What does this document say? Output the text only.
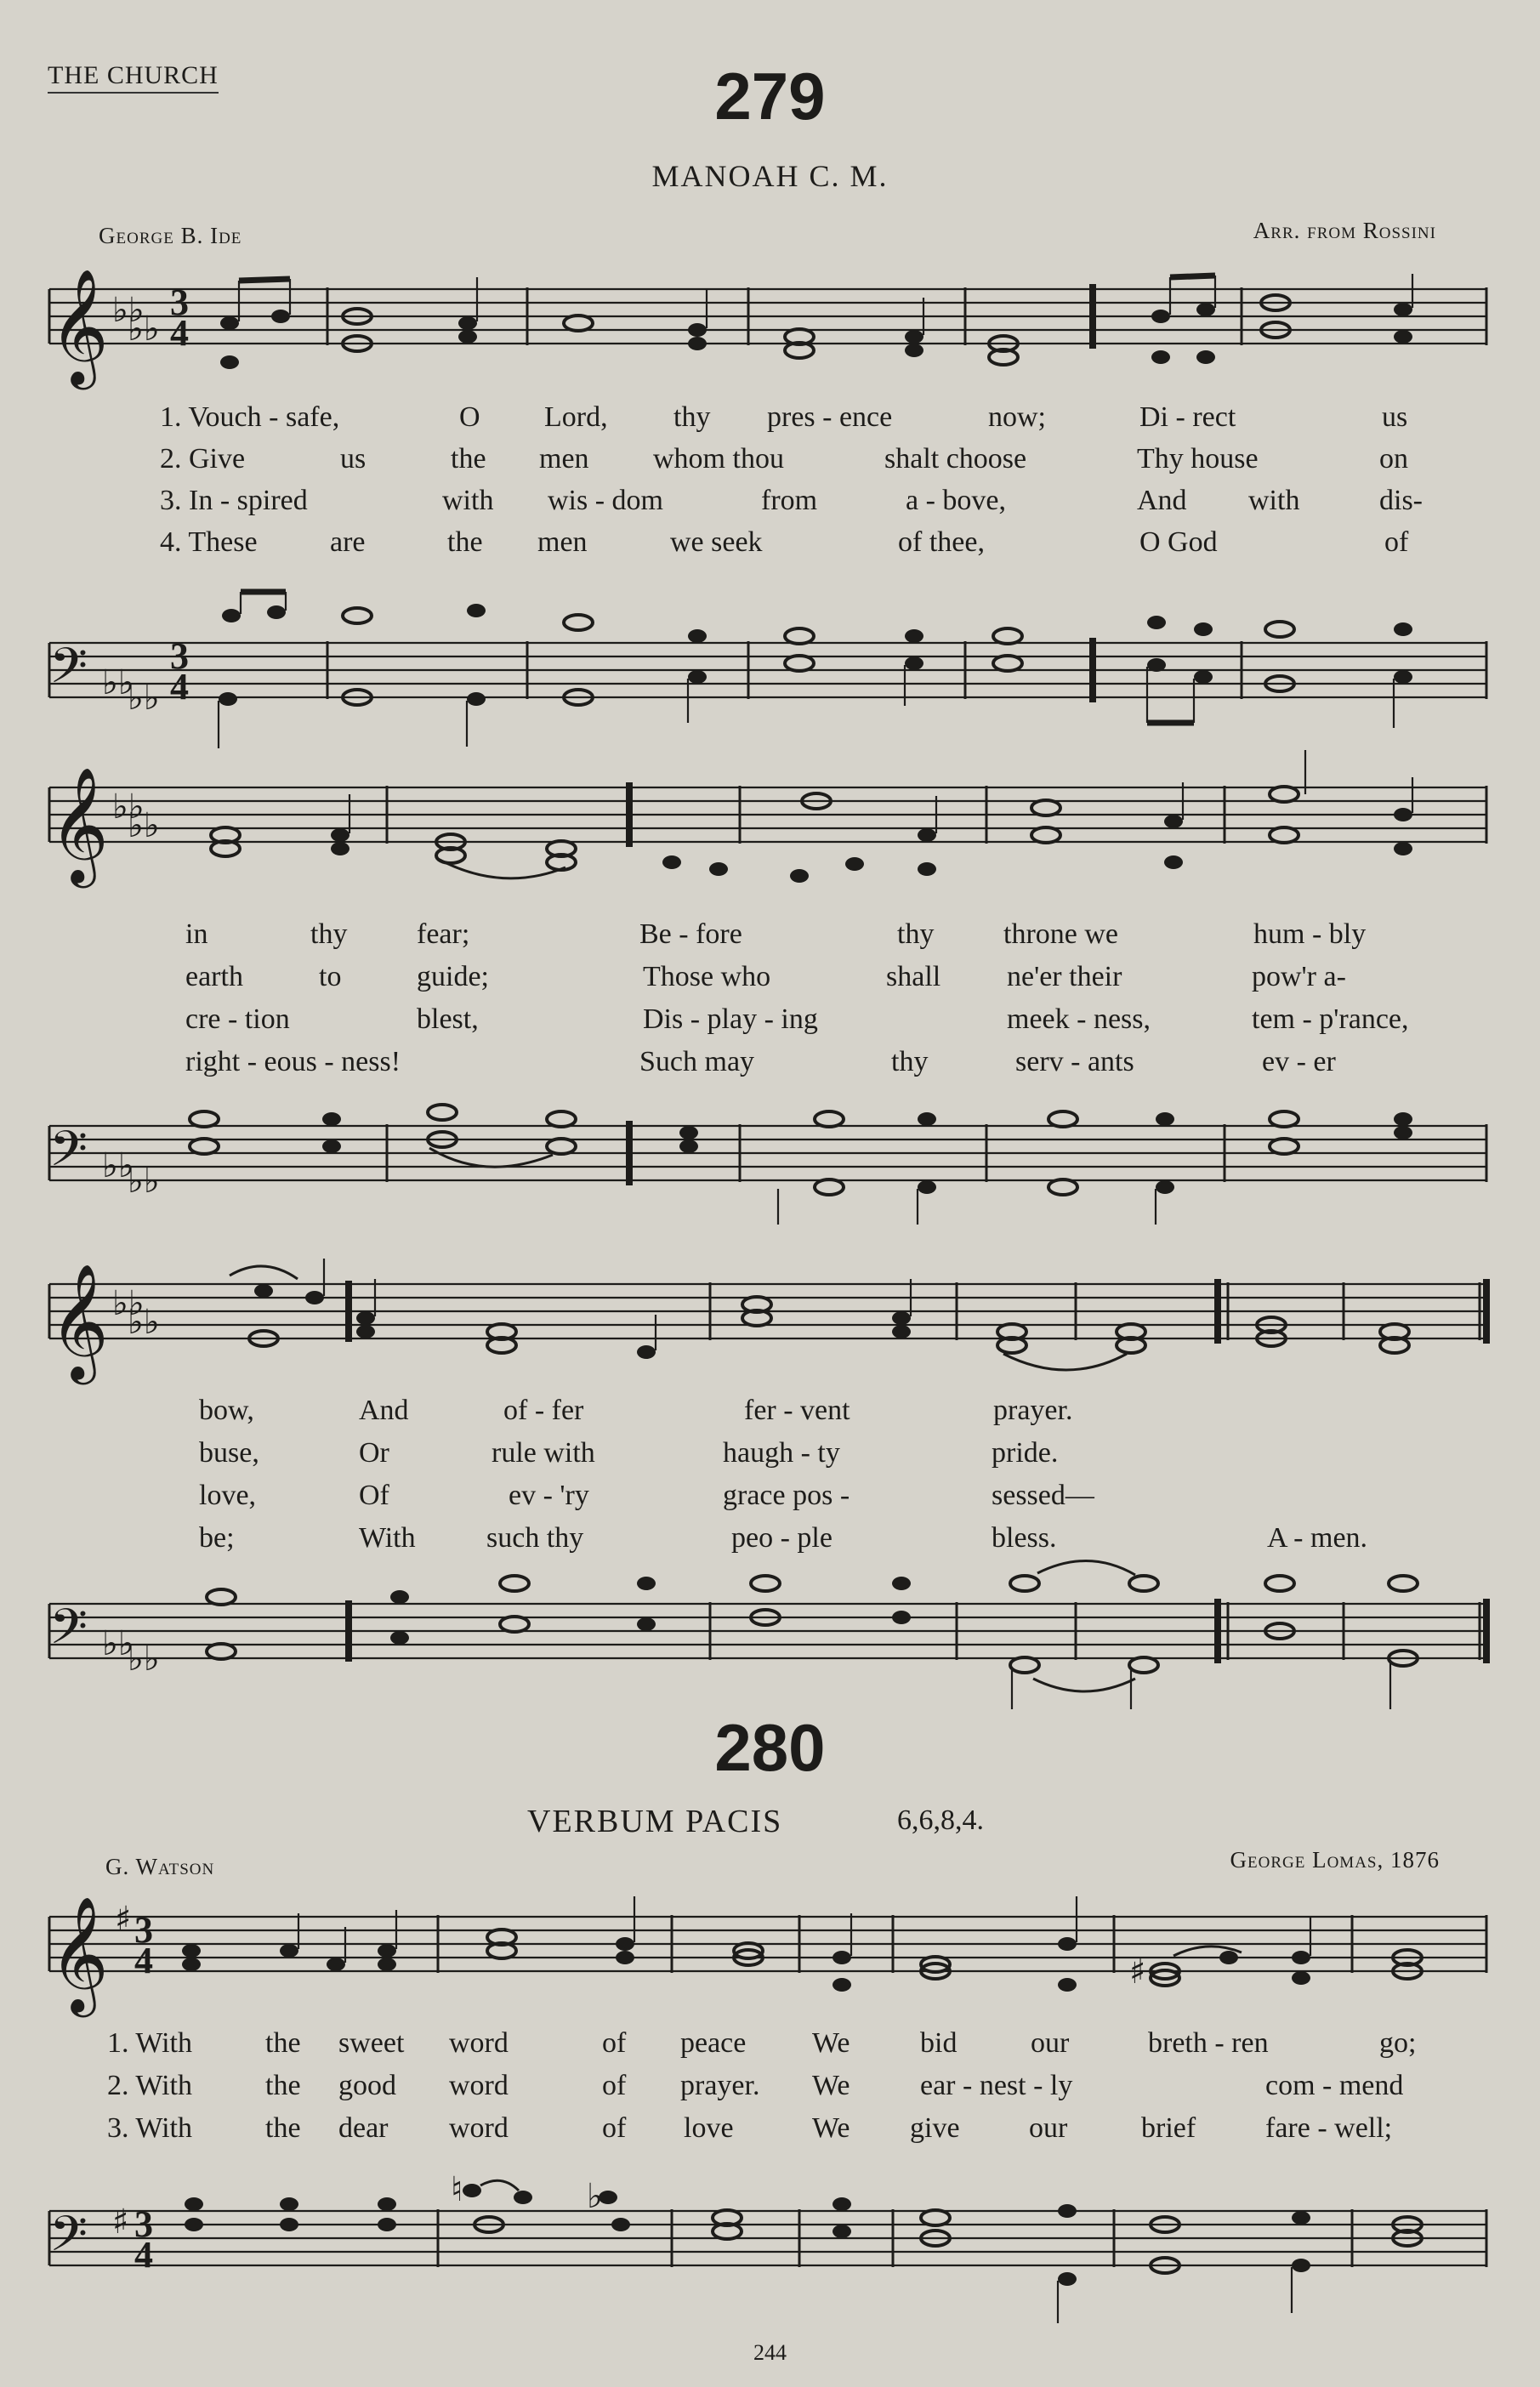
THE CHURCH	279
MANOAH C. M.
George B. Ide	Arr. from Rossini
𝄞 ♭♭
♭♭
3
4
1. Vouch - safe,	O Lord, thy pres - ence	now;	Di - rect	us
2. Give	us	the men whom thou	shalt choose	Thy house	on
3. In - spired	with wis - dom	from	a - bove,	And with	dis-
4. These	are	the men	we seek	of thee,	O God	of
𝄢 ♭♭
♭♭
3
4
𝄞 ♭♭
♭♭
in	thy fear;	Be - fore	thy throne we	hum - bly
earth	to	guide;	Those who	shall ne'er their	pow'r a-
cre - tion	blest,	Dis - play - ing	meek - ness,	tem - p'rance,
right - eous - ness!	Such may	thy	serv - ants	ev - er
𝄢 ♭♭
♭♭
𝄞 ♭♭
♭♭
bow,	And	of - fer	fer - vent	prayer.
buse,	Or	rule with	haugh - ty	pride.
love,	Of	ev - 'ry	grace pos -	sessed—
be;	With such thy	peo - ple	bless.	A - men.
𝄢 ♭♭
♭♭
280
VERBUM PACIS	6,6,8,4.
G. Watson	George Lomas, 1876
𝄞 ♯ 3
4	♯
1. With	the sweet word	of peace We bid	our	breth - ren	go;
2. With	the good word	of prayer. We ear - nest - ly	com - mend
3. With	the dear word	of love	We give our	brief fare - well;
𝄢 ♯ 3
4
♮	♭
244
